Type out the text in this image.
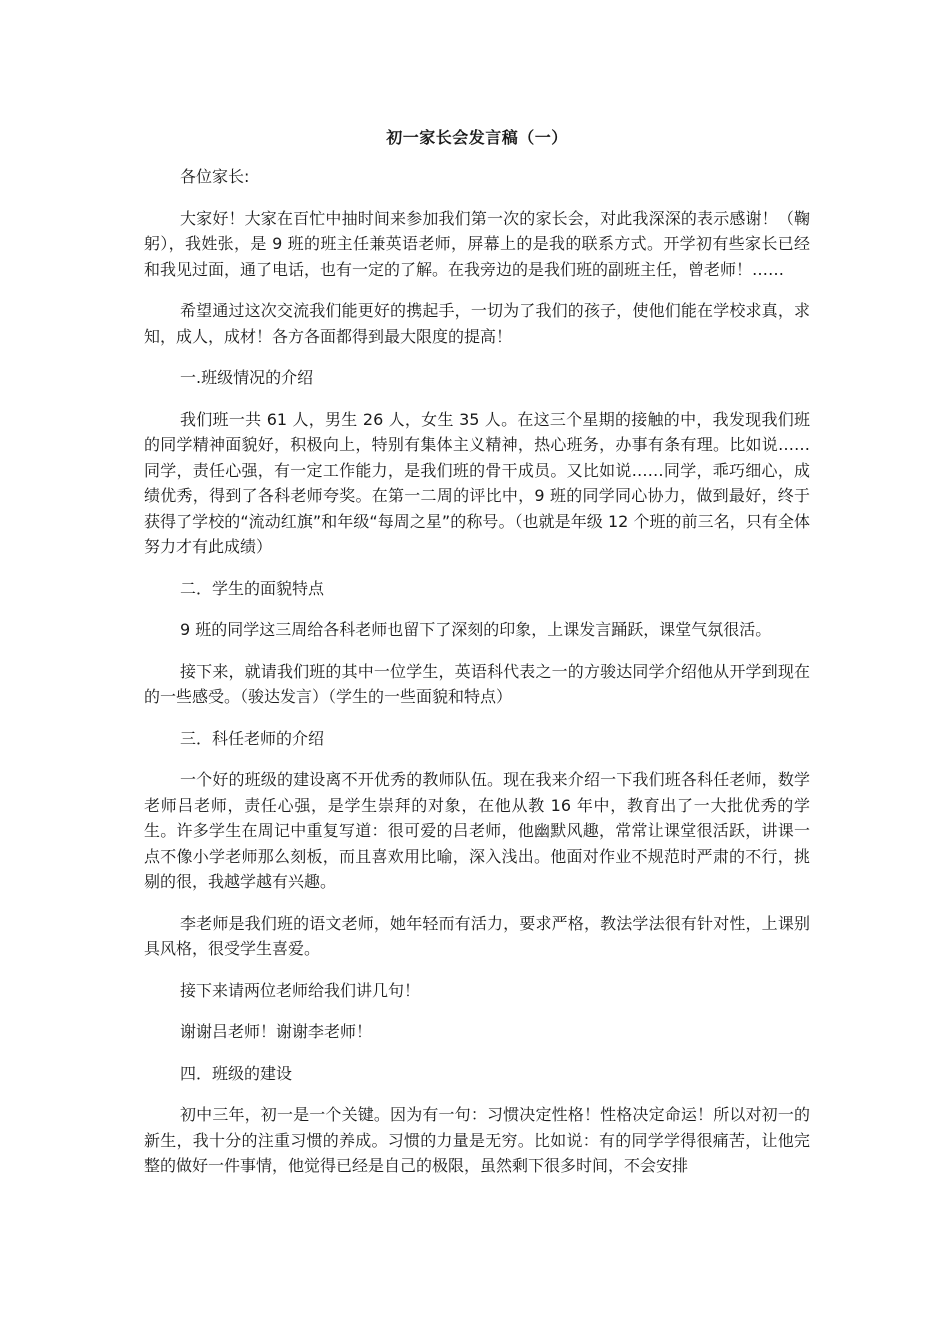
初一家长会发言稿（一）

各位家长:

大家好！大家在百忙中抽时间来参加我们第一次的家长会，对此我深深的表示感谢！（鞠躬），我姓张，是 9 班的班主任兼英语老师，屏幕上的是我的联系方式。开学初有些家长已经和我见过面，通了电话，也有一定的了解。在我旁边的是我们班的副班主任，曾老师！……

希望通过这次交流我们能更好的携起手，一切为了我们的孩子，使他们能在学校求真，求知，成人，成材！各方各面都得到最大限度的提高！

一.班级情况的介绍

我们班一共 61 人，男生 26 人，女生 35 人。在这三个星期的接触的中，我发现我们班的同学精神面貌好，积极向上，特别有集体主义精神，热心班务，办事有条有理。比如说……同学，责任心强，有一定工作能力，是我们班的骨干成员。又比如说……同学，乖巧细心，成绩优秀，得到了各科老师夸奖。在第一二周的评比中，9 班的同学同心协力，做到最好，终于获得了学校的“流动红旗”和年级“每周之星”的称号。（也就是年级 12 个班的前三名，只有全体努力才有此成绩）

二．学生的面貌特点

9 班的同学这三周给各科老师也留下了深刻的印象，上课发言踊跃，课堂气氛很活。

接下来，就请我们班的其中一位学生，英语科代表之一的方骏达同学介绍他从开学到现在的一些感受。（骏达发言）（学生的一些面貌和特点）

三．科任老师的介绍

一个好的班级的建设离不开优秀的教师队伍。现在我来介绍一下我们班各科任老师，数学老师吕老师，责任心强，是学生崇拜的对象，在他从教 16 年中，教育出了一大批优秀的学生。许多学生在周记中重复写道：很可爱的吕老师，他幽默风趣，常常让课堂很活跃，讲课一点不像小学老师那么刻板，而且喜欢用比喻，深入浅出。他面对作业不规范时严肃的不行，挑剔的很，我越学越有兴趣。

李老师是我们班的语文老师，她年轻而有活力，要求严格，教法学法很有针对性，上课别具风格，很受学生喜爱。

接下来请两位老师给我们讲几句！

谢谢吕老师！谢谢李老师！

四．班级的建设

初中三年，初一是一个关键。因为有一句：习惯决定性格！性格决定命运！所以对初一的新生，我十分的注重习惯的养成。习惯的力量是无穷。比如说：有的同学学得很痛苦，让他完整的做好一件事情，他觉得已经是自己的极限，虽然剩下很多时间，不会安排
